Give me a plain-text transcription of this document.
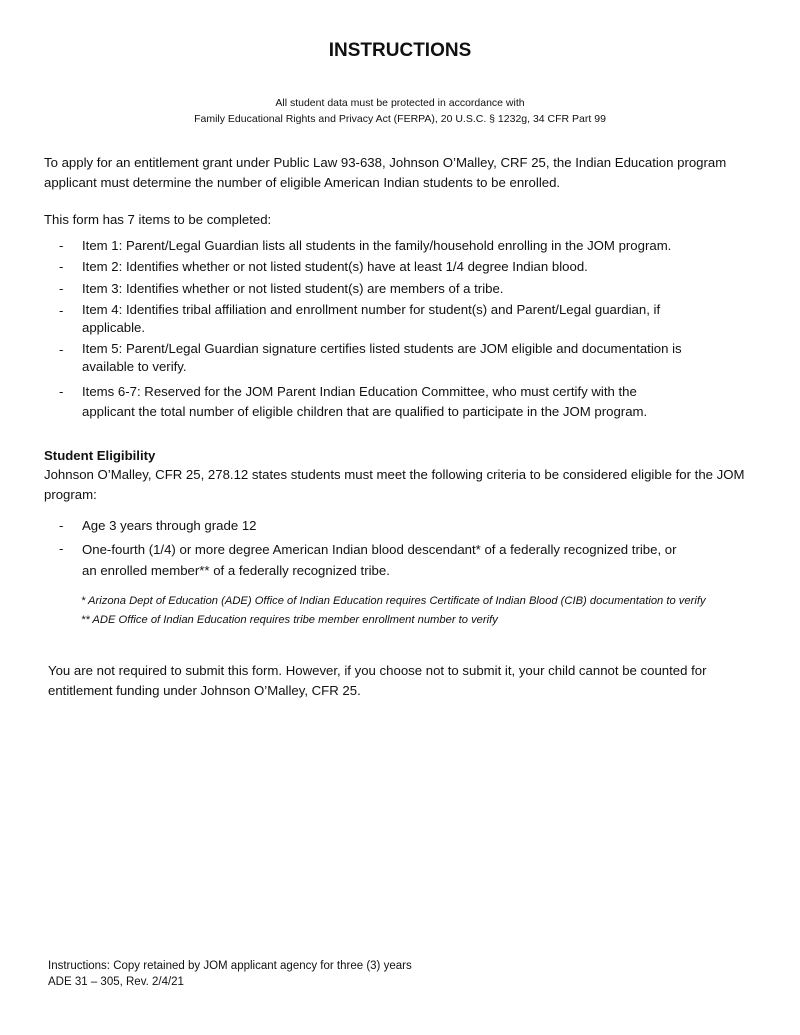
INSTRUCTIONS
All student data must be protected in accordance with
Family Educational Rights and Privacy Act (FERPA), 20 U.S.C. § 1232g, 34 CFR Part 99
To apply for an entitlement grant under Public Law 93-638, Johnson O’Malley, CRF 25, the Indian Education program
applicant must determine the number of eligible American Indian students to be enrolled.
This form has 7 items to be completed:
- Item 1: Parent/Legal Guardian lists all students in the family/household enrolling in the JOM program.
- Item 2: Identifies whether or not listed student(s) have at least 1/4 degree Indian blood.
- Item 3: Identifies whether or not listed student(s) are members of a tribe.
- Item 4: Identifies tribal affiliation and enrollment number for student(s) and Parent/Legal guardian, if
applicable.
- Item 5: Parent/Legal Guardian signature certifies listed students are JOM eligible and documentation is
available to verify.
- Items 6-7: Reserved for the JOM Parent Indian Education Committee, who must certify with the
applicant the total number of eligible children that are qualified to participate in the JOM program.
Student Eligibility
Johnson O’Malley, CFR 25, 278.12 states students must meet the following criteria to be considered eligible for the JOM
program:
- Age 3 years through grade 12
- One-fourth (1/4) or more degree American Indian blood descendant* of a federally recognized tribe, or
an enrolled member** of a federally recognized tribe.
* Arizona Dept of Education (ADE) Office of Indian Education requires Certificate of Indian Blood (CIB) documentation to verify
** ADE Office of Indian Education requires tribe member enrollment number to verify
You are not required to submit this form. However, if you choose not to submit it, your child cannot be counted for
entitlement funding under Johnson O’Malley, CFR 25.
Instructions: Copy retained by JOM applicant agency for three (3) years
ADE 31 – 305, Rev. 2/4/21
